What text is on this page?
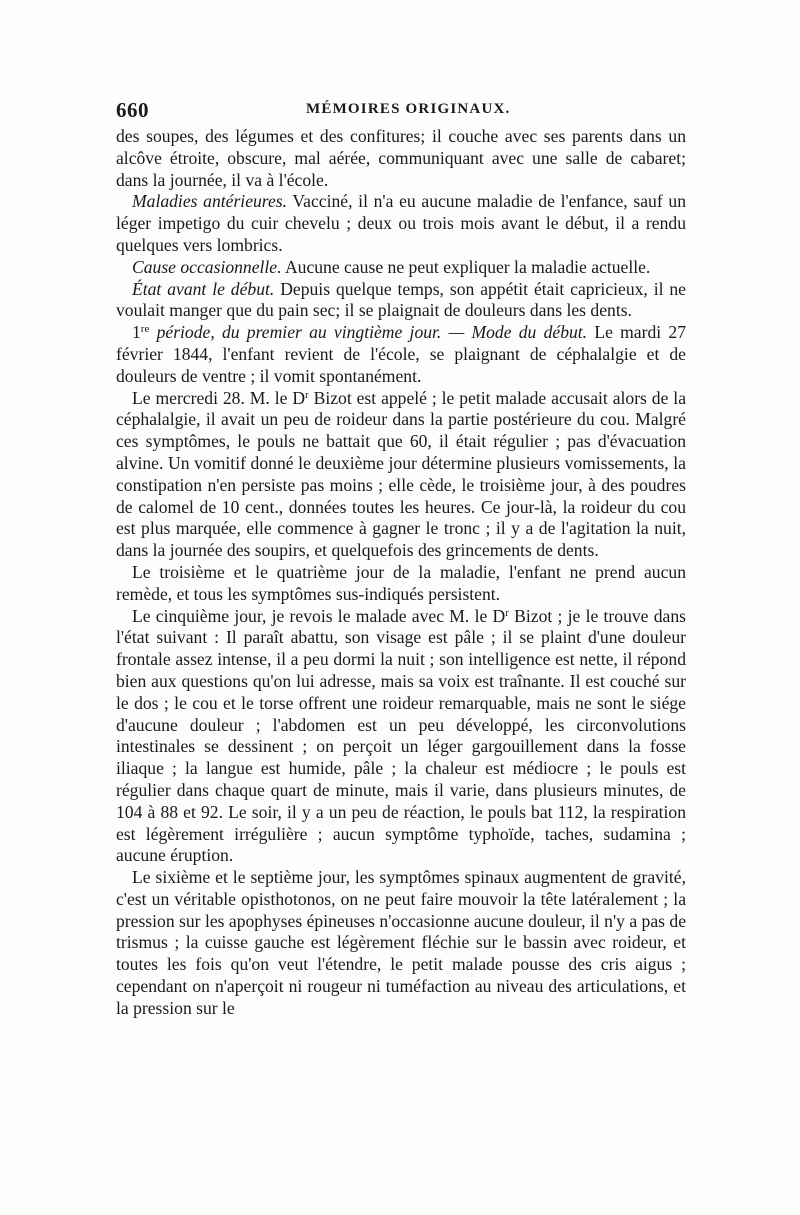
660	MÉMOIRES ORIGINAUX.

des soupes, des légumes et des confitures; il couche avec ses parents dans un alcôve étroite, obscure, mal aérée, communiquant avec une salle de cabaret; dans la journée, il va à l'école.

Maladies antérieures. Vacciné, il n'a eu aucune maladie de l'enfance, sauf un léger impetigo du cuir chevelu ; deux ou trois mois avant le début, il a rendu quelques vers lombrics.

Cause occasionnelle. Aucune cause ne peut expliquer la maladie actuelle.

État avant le début. Depuis quelque temps, son appétit était capricieux, il ne voulait manger que du pain sec; il se plaignait de douleurs dans les dents.

1re période, du premier au vingtième jour. — Mode du début. Le mardi 27 février 1844, l'enfant revient de l'école, se plaignant de céphalalgie et de douleurs de ventre ; il vomit spontanément.

Le mercredi 28. M. le $D^r$ Bizot est appelé ; le petit malade accusait alors de la céphalalgie, il avait un peu de roideur dans la partie postérieure du cou. Malgré ces symptômes, le pouls ne battait que 60, il était régulier ; pas d'évacuation alvine. Un vomitif donné le deuxième jour détermine plusieurs vomissements, la constipation n'en persiste pas moins ; elle cède, le troisième jour, à des poudres de calomel de 10 cent., données toutes les heures. Ce jour-là, la roideur du cou est plus marquée, elle commence à gagner le tronc ; il y a de l'agitation la nuit, dans la journée des soupirs, et quelquefois des grincements de dents.

Le troisième et le quatrième jour de la maladie, l'enfant ne prend aucun remède, et tous les symptômes sus-indiqués persistent.

Le cinquième jour, je revois le malade avec M. le $D^r$ Bizot ; je le trouve dans l'état suivant : Il paraît abattu, son visage est pâle ; il se plaint d'une douleur frontale assez intense, il a peu dormi la nuit ; son intelligence est nette, il répond bien aux questions qu'on lui adresse, mais sa voix est traînante. Il est couché sur le dos ; le cou et le torse offrent une roideur remarquable, mais ne sont le siége d'aucune douleur ; l'abdomen est un peu développé, les circonvolutions intestinales se dessinent ; on perçoit un léger gargouillement dans la fosse iliaque ; la langue est humide, pâle ; la chaleur est médiocre ; le pouls est régulier dans chaque quart de minute, mais il varie, dans plusieurs minutes, de 104 à 88 et 92. Le soir, il y a un peu de réaction, le pouls bat 112, la respiration est légèrement irrégulière ; aucun symptôme typhoïde, taches, sudamina ; aucune éruption.

Le sixième et le septième jour, les symptômes spinaux augmentent de gravité, c'est un véritable opisthotonos, on ne peut faire mouvoir la tête latéralement ; la pression sur les apophyses épineuses n'occasionne aucune douleur, il n'y a pas de trismus ; la cuisse gauche est légèrement fléchie sur le bassin avec roideur, et toutes les fois qu'on veut l'étendre, le petit malade pousse des cris aigus ; cependant on n'aperçoit ni rougeur ni tuméfaction au niveau des articulations, et la pression sur le
